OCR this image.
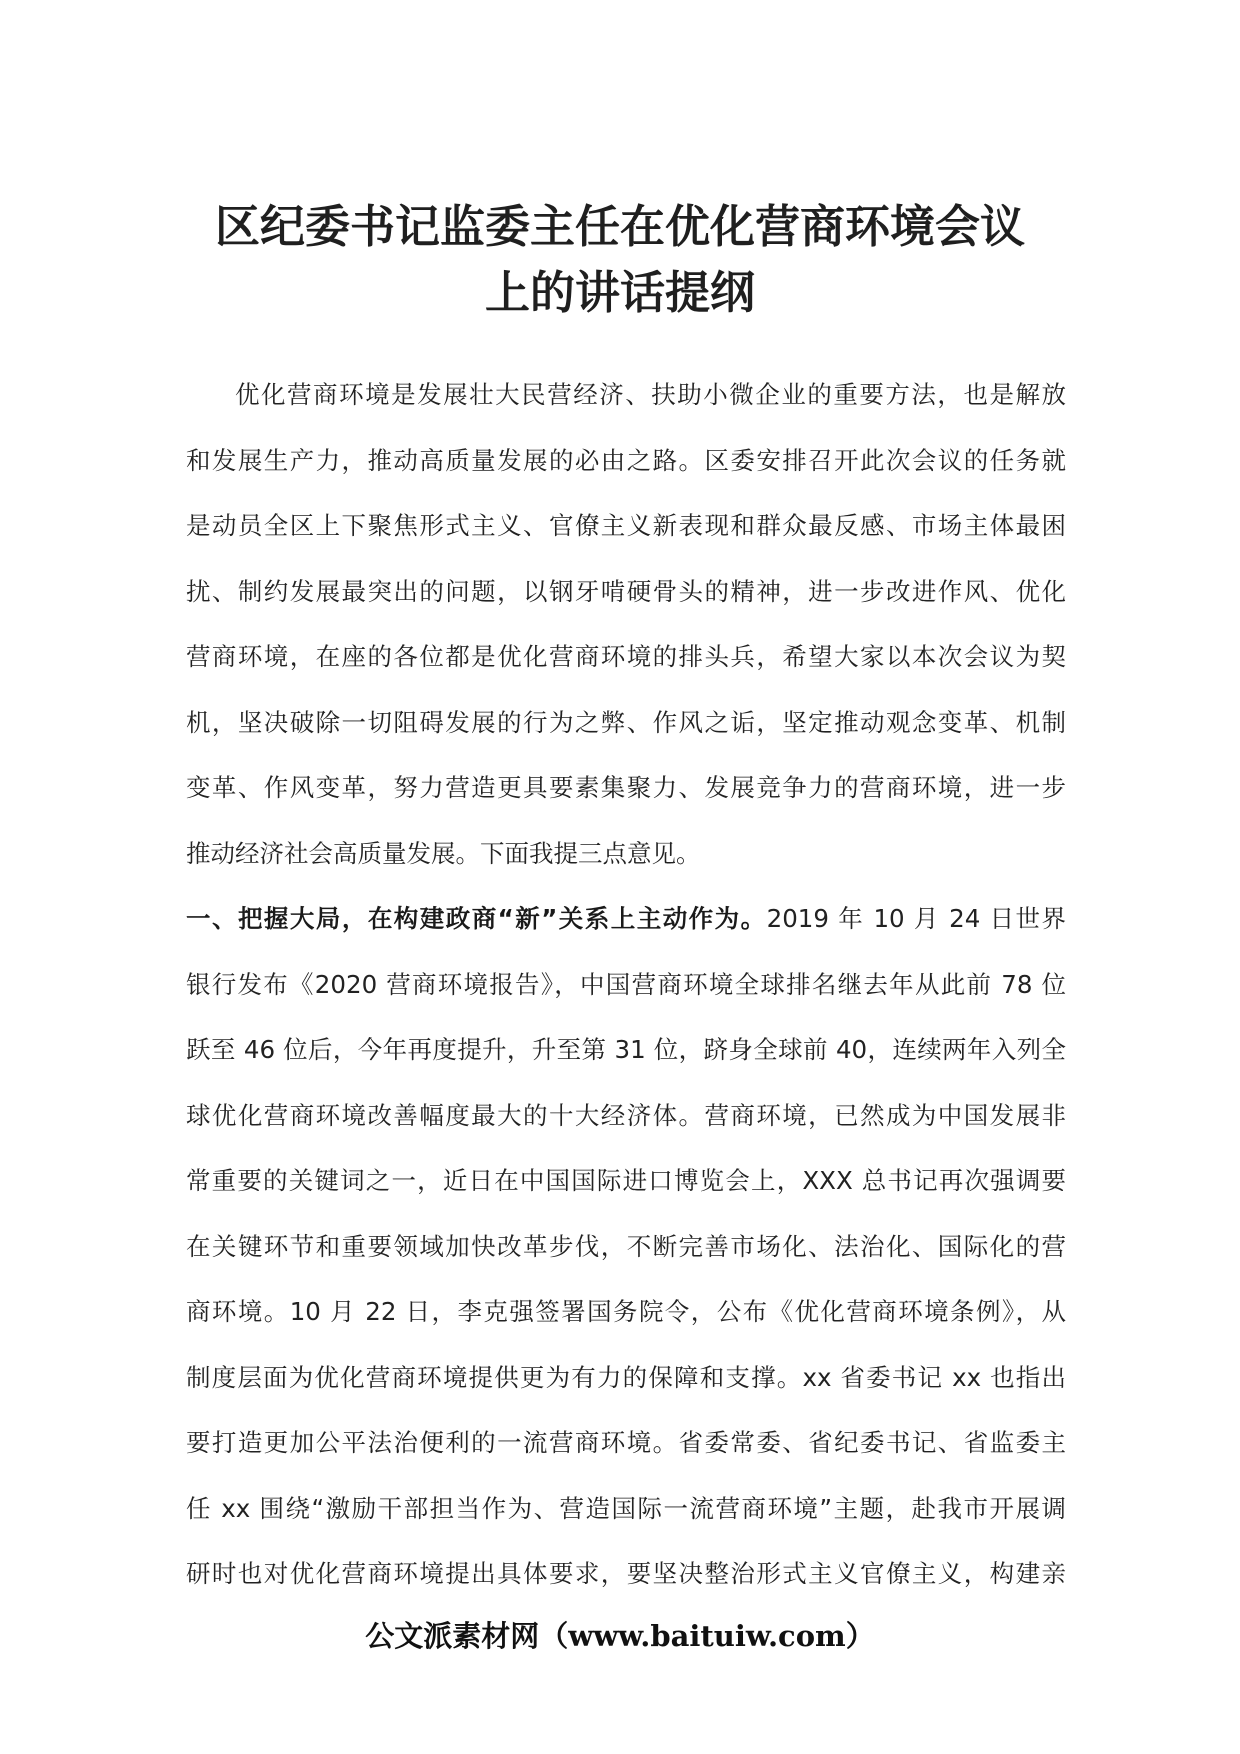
区纪委书记监委主任在优化营商环境会议
上的讲话提纲
优化营商环境是发展壮大民营经济、扶助小微企业的重要方法，也是解放
和发展生产力，推动高质量发展的必由之路。区委安排召开此次会议的任务就
是动员全区上下聚焦形式主义、官僚主义新表现和群众最反感、市场主体最困
扰、制约发展最突出的问题，以钢牙啃硬骨头的精神，进一步改进作风、优化
营商环境，在座的各位都是优化营商环境的排头兵，希望大家以本次会议为契
机，坚决破除一切阻碍发展的行为之弊、作风之诟，坚定推动观念变革、机制
变革、作风变革，努力营造更具要素集聚力、发展竞争力的营商环境，进一步
推动经济社会高质量发展。下面我提三点意见。
一、把握大局，在构建政商“新”关系上主动作为。2019 年 10 月 24 日世界
银行发布《2020 营商环境报告》，中国营商环境全球排名继去年从此前 78 位
跃至 46 位后，今年再度提升，升至第 31 位，跻身全球前 40，连续两年入列全
球优化营商环境改善幅度最大的十大经济体。营商环境，已然成为中国发展非
常重要的关键词之一，近日在中国国际进口博览会上，XXX 总书记再次强调要
在关键环节和重要领域加快改革步伐，不断完善市场化、法治化、国际化的营
商环境。10 月 22 日，李克强签署国务院令，公布《优化营商环境条例》，从
制度层面为优化营商环境提供更为有力的保障和支撑。xx 省委书记 xx 也指出
要打造更加公平法治便利的一流营商环境。省委常委、省纪委书记、省监委主
任 xx 围绕“激励干部担当作为、营造国际一流营商环境”主题，赴我市开展调
研时也对优化营商环境提出具体要求，要坚决整治形式主义官僚主义，构建亲
公文派素材网（www.baituiw.com）
